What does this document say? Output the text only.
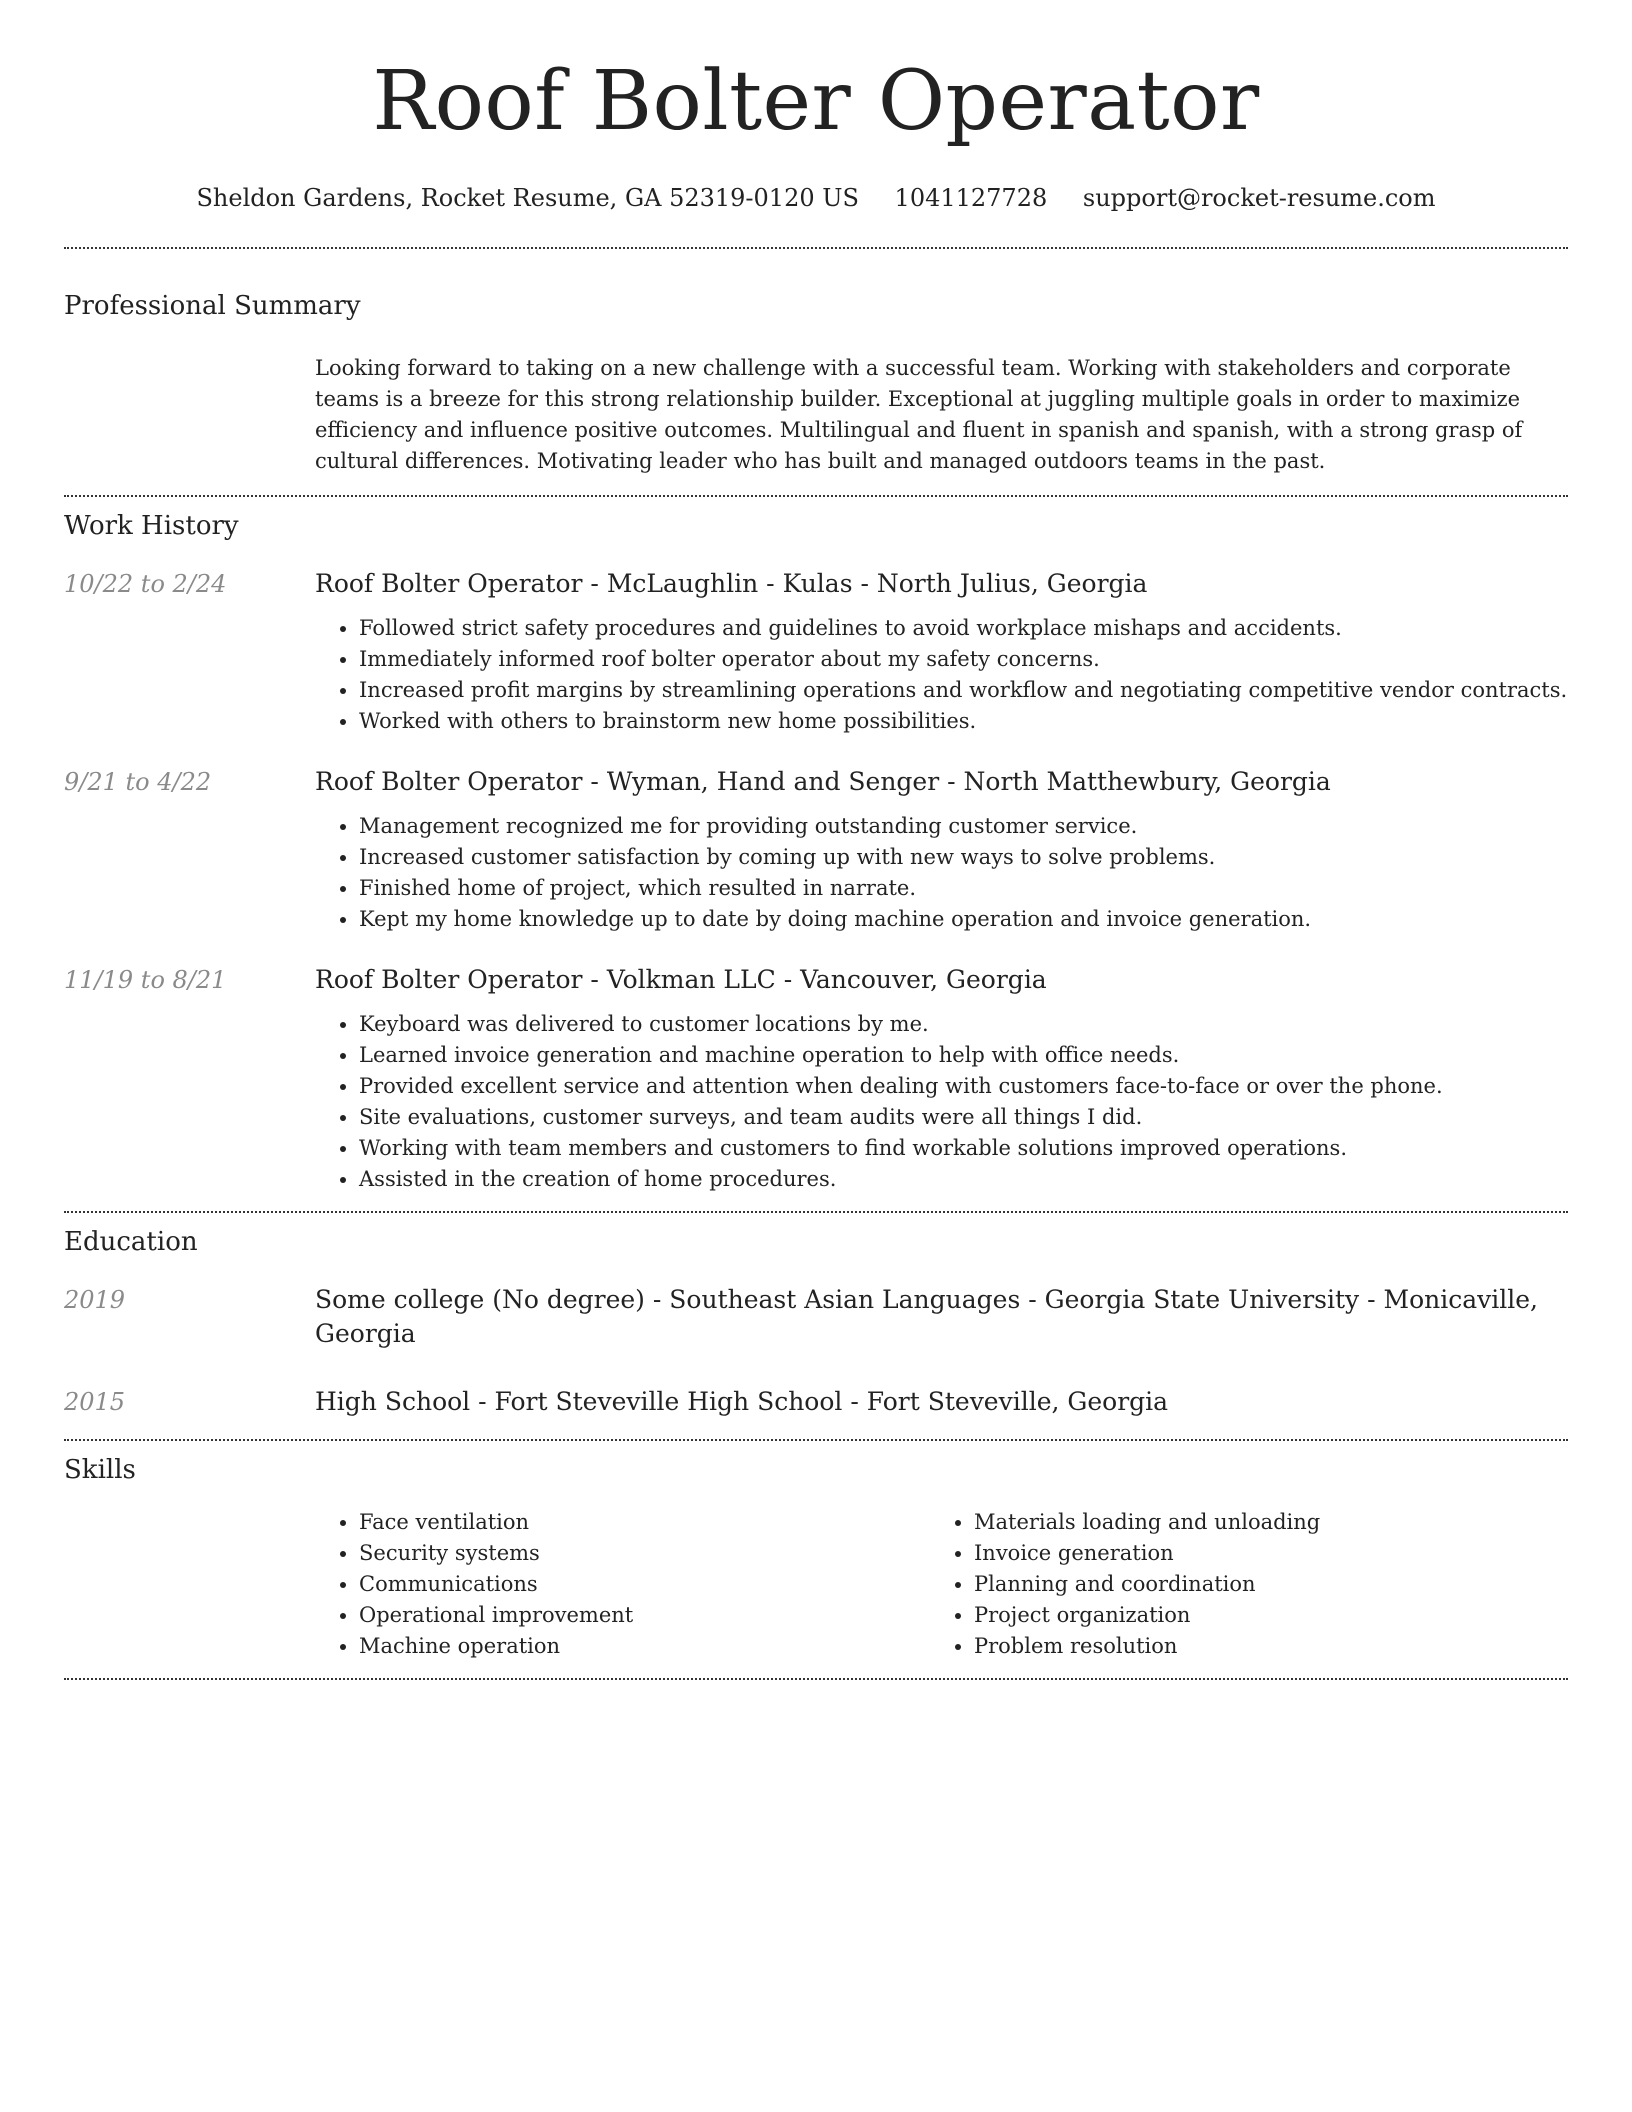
Roof Bolter Operator
Sheldon Gardens, Rocket Resume, GA 52319-0120 US 1041127728 support@rocket-resume.com
Professional Summary

Looking forward to taking on a new challenge with a successful team. Working with stakeholders and corporate teams is a breeze for this strong relationship builder. Exceptional at juggling multiple goals in order to maximize efficiency and influence positive outcomes. Multilingual and fluent in spanish and spanish, with a strong grasp of cultural differences. Motivating leader who has built and managed outdoors teams in the past.

Work History
10/22 to 2/24	Roof Bolter Operator - McLaughlin - Kulas - North Julius, Georgia
• Followed strict safety procedures and guidelines to avoid workplace mishaps and accidents.
• Immediately informed roof bolter operator about my safety concerns.
• Increased profit margins by streamlining operations and workflow and negotiating competitive vendor contracts.
• Worked with others to brainstorm new home possibilities.
9/21 to 4/22	Roof Bolter Operator - Wyman, Hand and Senger - North Matthewbury, Georgia
• Management recognized me for providing outstanding customer service.
• Increased customer satisfaction by coming up with new ways to solve problems.
• Finished home of project, which resulted in narrate.
• Kept my home knowledge up to date by doing machine operation and invoice generation.
11/19 to 8/21	Roof Bolter Operator - Volkman LLC - Vancouver, Georgia
• Keyboard was delivered to customer locations by me.
• Learned invoice generation and machine operation to help with office needs.
• Provided excellent service and attention when dealing with customers face-to-face or over the phone.
• Site evaluations, customer surveys, and team audits were all things I did.
• Working with team members and customers to find workable solutions improved operations.
• Assisted in the creation of home procedures.
Education
2019	Some college (No degree) - Southeast Asian Languages - Georgia State University - Monicaville, Georgia
2015	High School - Fort Steveville High School - Fort Steveville, Georgia
Skills
• Face ventilation
• Security systems
• Communications
• Operational improvement
• Machine operation
• Materials loading and unloading
• Invoice generation
• Planning and coordination
• Project organization
• Problem resolution
